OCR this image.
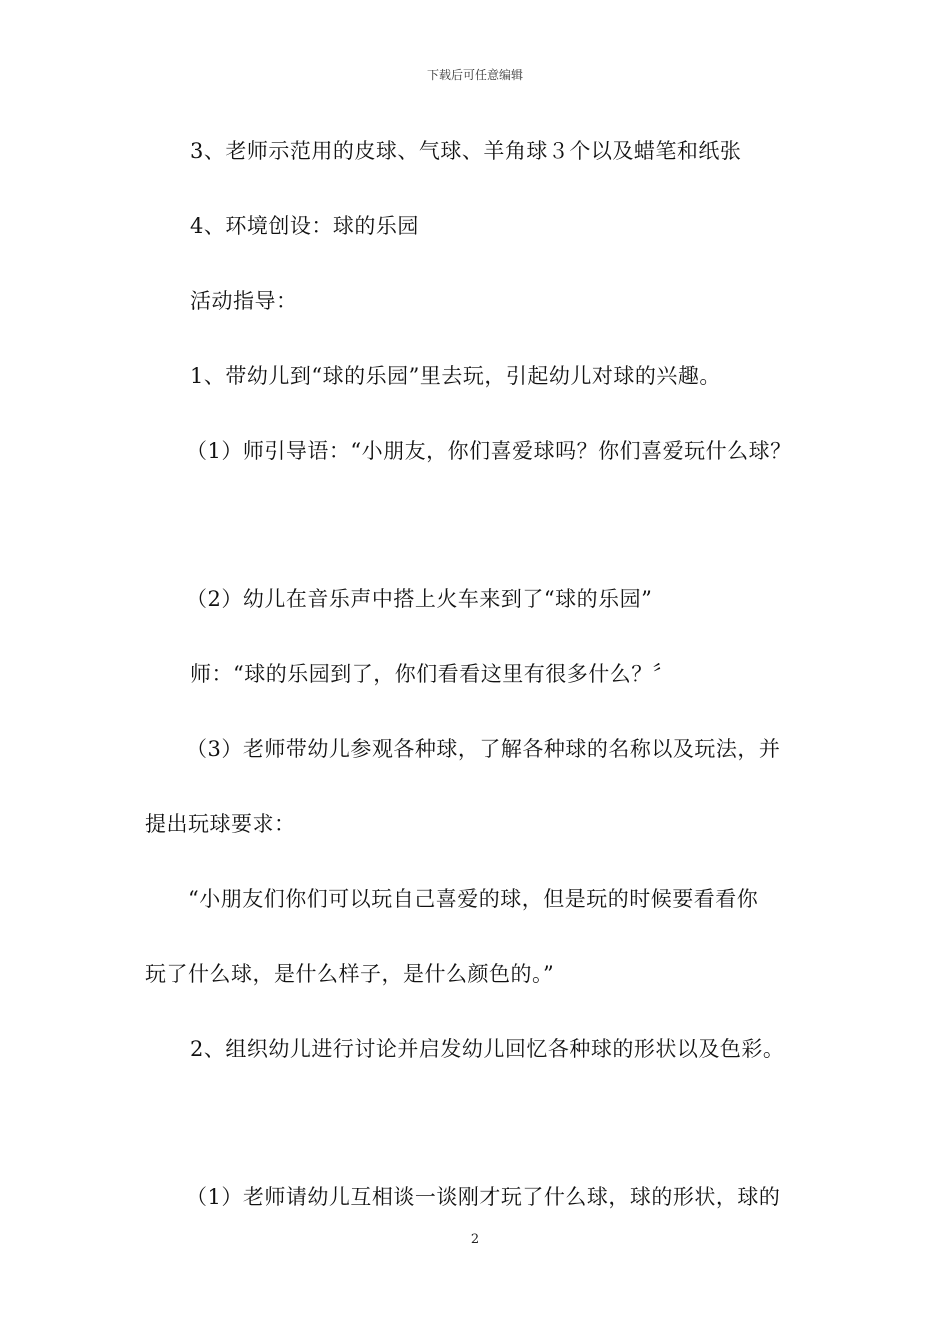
下载后可任意编辑
3、老师示范用的皮球、气球、羊角球３个以及蜡笔和纸张
4、环境创设：球的乐园
活动指导：
1、带幼儿到“球的乐园”里去玩，引起幼儿对球的兴趣。
（1）师引导语：“小朋友，你们喜爱球吗？你们喜爱玩什么球？
（2）幼儿在音乐声中搭上火车来到了“球的乐园”
师：“球的乐园到了，你们看看这里有很多什么？〞
（3）老师带幼儿参观各种球，了解各种球的名称以及玩法，并
提出玩球要求：
“小朋友们你们可以玩自己喜爱的球，但是玩的时候要看看你
玩了什么球，是什么样子，是什么颜色的。”
2、组织幼儿进行讨论并启发幼儿回忆各种球的形状以及色彩。
（1）老师请幼儿互相谈一谈刚才玩了什么球，球的形状，球的
2
